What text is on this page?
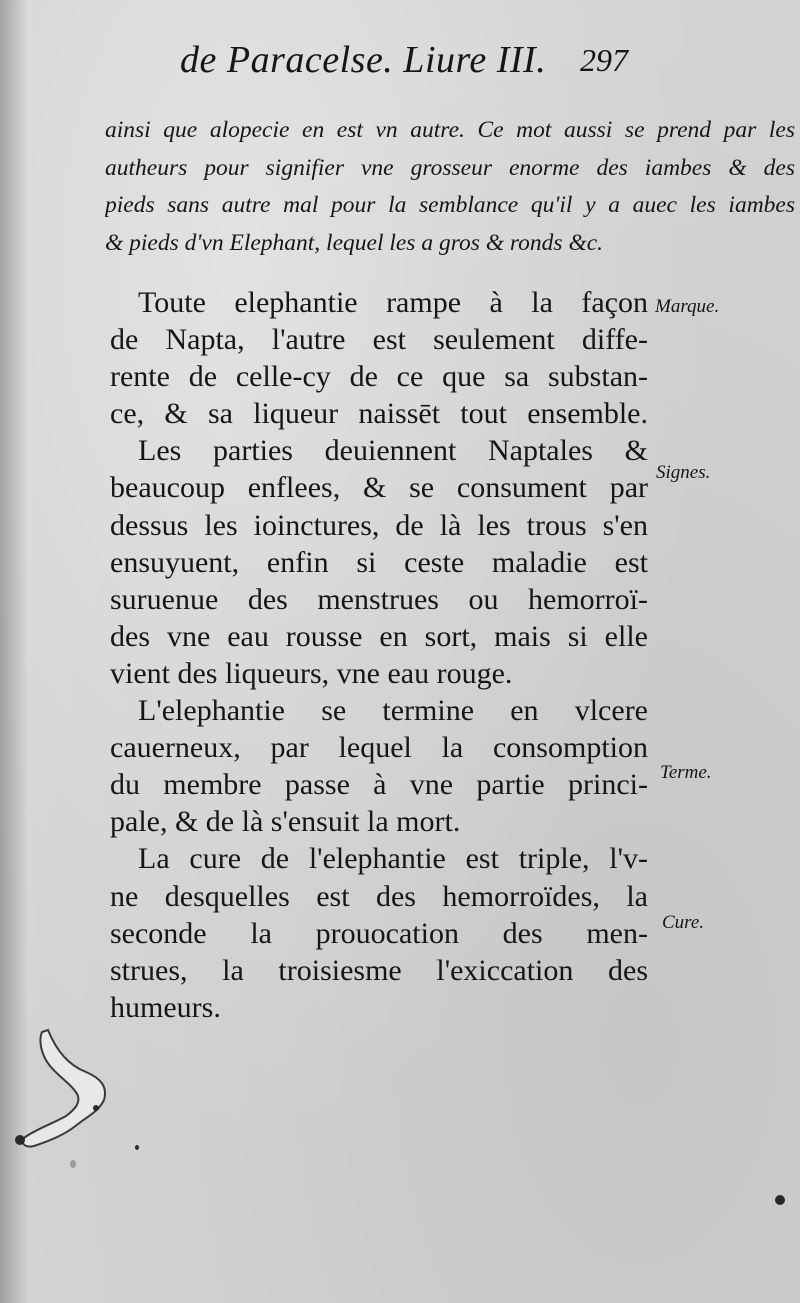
de Paracelse. Liure III. 297
ainsi que alopecie en est vn autre. Ce mot aussi se prend par les
autheurs pour signifier vne grosseur enorme des iambes & des
pieds sans autre mal pour la semblance qu'il y a auec les iambes
& pieds d'vn Elephant, lequel les a gros & ronds &c.
Toute elephantie rampe à la façon
de Napta, l'autre est seulement diffe-
rente de celle-cy de ce que sa substan-
ce, & sa liqueur naissēt tout ensemble.
Les parties deuiennent Naptales &
beaucoup enflees, & se consument par
dessus les ioinctures, de là les trous s'en
ensuyuent, enfin si ceste maladie est
suruenue des menstrues ou hemorroï-
des vne eau rousse en sort, mais si elle
vient des liqueurs, vne eau rouge.
L'elephantie se termine en vlcere
cauerneux, par lequel la consomption
du membre passe à vne partie princi-
pale, & de là s'ensuit la mort.
La cure de l'elephantie est triple, l'v-
ne desquelles est des hemorroïdes, la
seconde la prouocation des men-
strues, la troisiesme l'exiccation des
humeurs.
Marque.
Signes.
Terme.
Cure.
